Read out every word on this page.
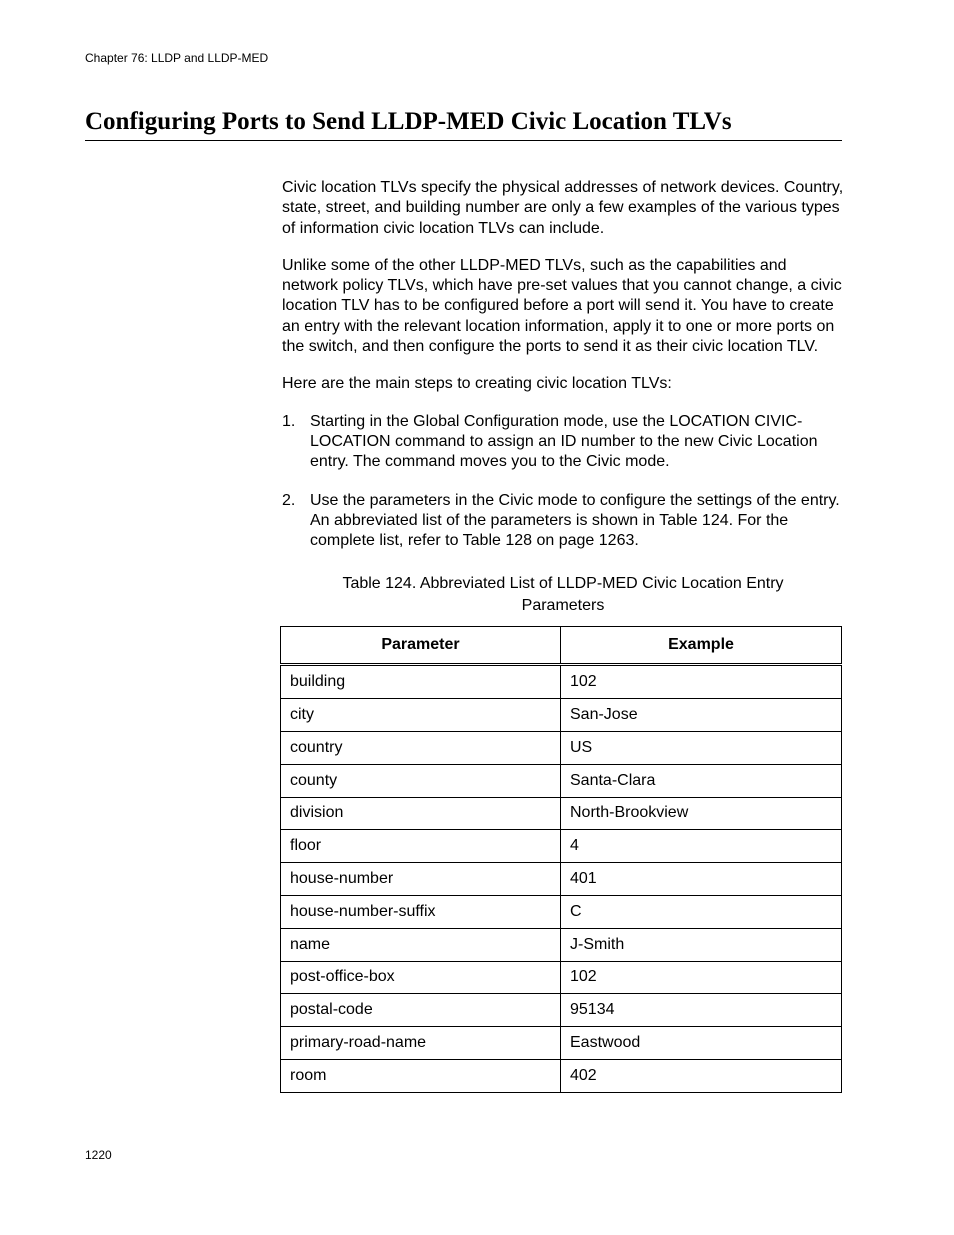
Chapter 76: LLDP and LLDP-MED
Configuring Ports to Send LLDP-MED Civic Location TLVs

Civic location TLVs specify the physical addresses of network devices. Country, state, street, and building number are only a few examples of the various types of information civic location TLVs can include.

Unlike some of the other LLDP-MED TLVs, such as the capabilities and network policy TLVs, which have pre-set values that you cannot change, a civic location TLV has to be configured before a port will send it. You have to create an entry with the relevant location information, apply it to one or more ports on the switch, and then configure the ports to send it as their civic location TLV.

Here are the main steps to creating civic location TLVs:

1. Starting in the Global Configuration mode, use the LOCATION CIVIC-LOCATION command to assign an ID number to the new Civic Location entry. The command moves you to the Civic mode.
2. Use the parameters in the Civic mode to configure the settings of the entry. An abbreviated list of the parameters is shown in Table 124. For the complete list, refer to Table 128 on page 1263.
Table 124. Abbreviated List of LLDP-MED Civic Location Entry Parameters
Parameter	Example
building	102
city	San-Jose
country	US
county	Santa-Clara
division	North-Brookview
floor	4
house-number	401
house-number-suffix	C
name	J-Smith
post-office-box	102
postal-code	95134
primary-road-name	Eastwood
room	402
1220
